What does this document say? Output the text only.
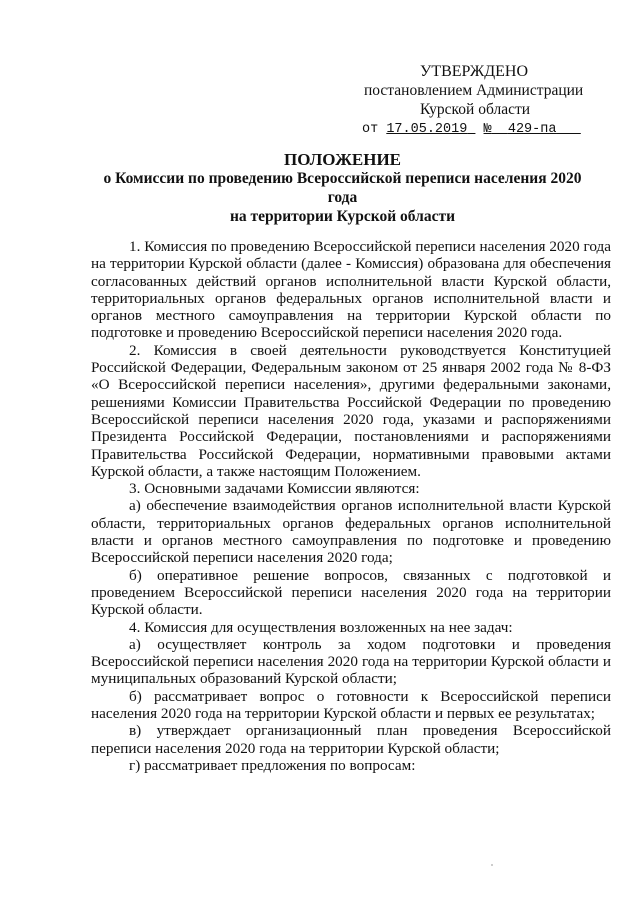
УТВЕРЖДЕНО
постановлением Администрации
Курской области
от 17.05.2019 № 429-па
ПОЛОЖЕНИЕ
о Комиссии по проведению Всероссийской переписи населения 2020
года
на территории Курской области

1. Комиссия по проведению Всероссийской переписи населения 2020 года на территории Курской области (далее - Комиссия) образована для обеспечения согласованных действий органов исполнительной власти Курской области, территориальных органов федеральных органов исполнительной власти и органов местного самоуправления на территории Курской области по подготовке и проведению Всероссийской переписи населения 2020 года.

2. Комиссия в своей деятельности руководствуется Конституцией Российской Федерации, Федеральным законом от 25 января 2002 года № 8-ФЗ «О Всероссийской переписи населения», другими федеральными законами, решениями Комиссии Правительства Российской Федерации по проведению Всероссийской переписи населения 2020 года, указами и распоряжениями Президента Российской Федерации, постановлениями и распоряжениями Правительства Российской Федерации, нормативными правовыми актами Курской области, а также настоящим Положением.

3. Основными задачами Комиссии являются:

а) обеспечение взаимодействия органов исполнительной власти Курской области, территориальных органов федеральных органов исполнительной власти и органов местного самоуправления по подготовке и проведению Всероссийской переписи населения 2020 года;

б) оперативное решение вопросов, связанных с подготовкой и проведением Всероссийской переписи населения 2020 года на территории Курской области.

4. Комиссия для осуществления возложенных на нее задач:

а) осуществляет контроль за ходом подготовки и проведения Всероссийской переписи населения 2020 года на территории Курской области и муниципальных образований Курской области;

б) рассматривает вопрос о готовности к Всероссийской переписи населения 2020 года на территории Курской области и первых ее результатах;

в) утверждает организационный план проведения Всероссийской переписи населения 2020 года на территории Курской области;

г) рассматривает предложения по вопросам:
